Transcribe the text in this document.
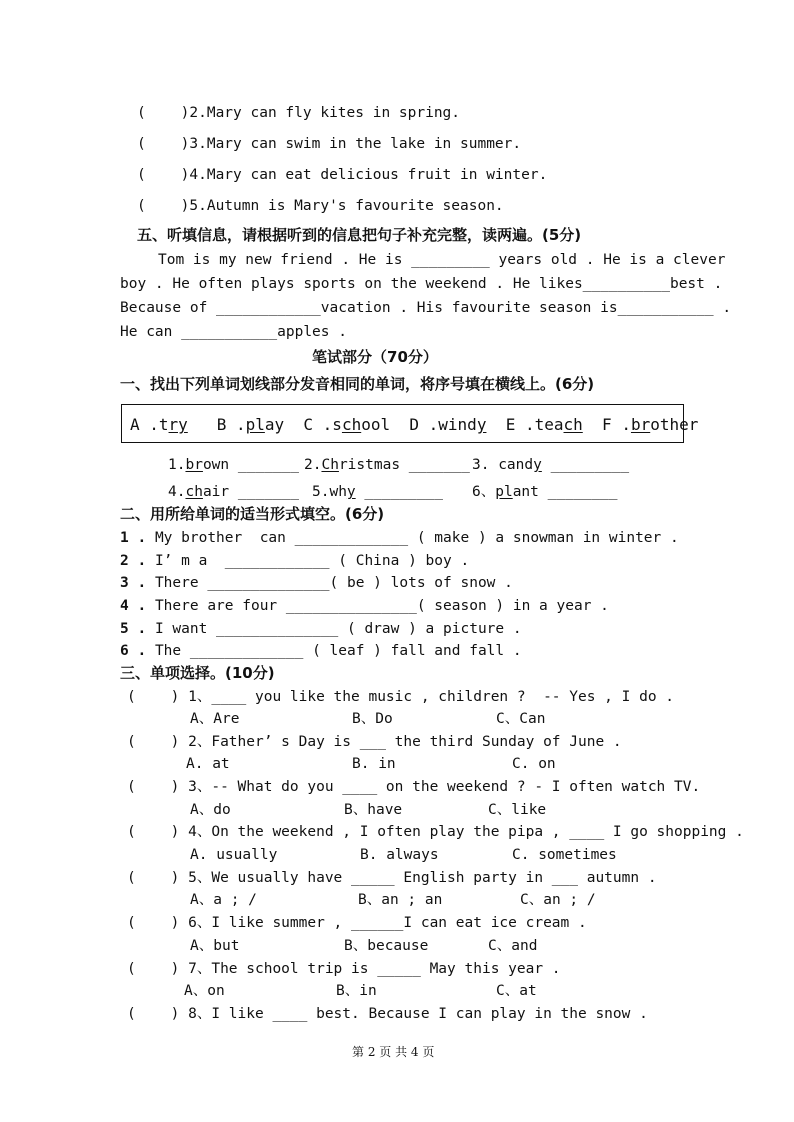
(    )2.Mary can fly kites in spring.
(    )3.Mary can swim in the lake in summer.
(    )4.Mary can eat delicious fruit in winter.
(    )5.Autumn is Mary's favourite season.
五、听填信息，请根据听到的信息把句子补充完整，读两遍。(5分)
Tom is my new friend . He is _________ years old . He is a clever
boy . He often plays sports on the weekend . He likes__________best .
Because of ____________vacation . His favourite season is___________ .
He can ___________apples .
笔试部分（70分）
一、找出下列单词划线部分发音相同的单词，将序号填在横线上。(6分)
A .try B .play C .school D .windy E .teach F .brother
1.brown _______ 2.Christmas _______ 3. candy _________
4.chair _______ 5.why _________ 6、plant ________
二、用所给单词的适当形式填空。(6分)
1 . My brother  can _____________ ( make ) a snowman in winter .
2 . I’ m a  ____________ ( China ) boy .
3 . There ______________( be ) lots of snow .
4 . There are four _______________( season ) in a year .
5 . I want ______________ ( draw ) a picture .
6 . The _____________ ( leaf ) fall and fall .
三、单项选择。(10分)
(    ) 1、____ you like the music , children ?  -- Yes , I do .
A、Are	B、Do	C、Can
(    ) 2、Father’ s Day is ___ the third Sunday of June .
A. at	B. in	C. on
(    ) 3、-- What do you ____ on the weekend ? - I often watch TV.
A、do	B、have	C、like
(    ) 4、On the weekend , I often play the pipa , ____ I go shopping .
A. usually	B. always	C. sometimes
(    ) 5、We usually have _____ English party in ___ autumn .
A、a ; /	B、an ; an	C、an ; /
(    ) 6、I like summer , ______I can eat ice cream .
A、but	B、because	C、and
(    ) 7、The school trip is _____ May this year .
A、on	B、in	C、at
(    ) 8、I like ____ best. Because I can play in the snow .
第 2 页 共 4 页
